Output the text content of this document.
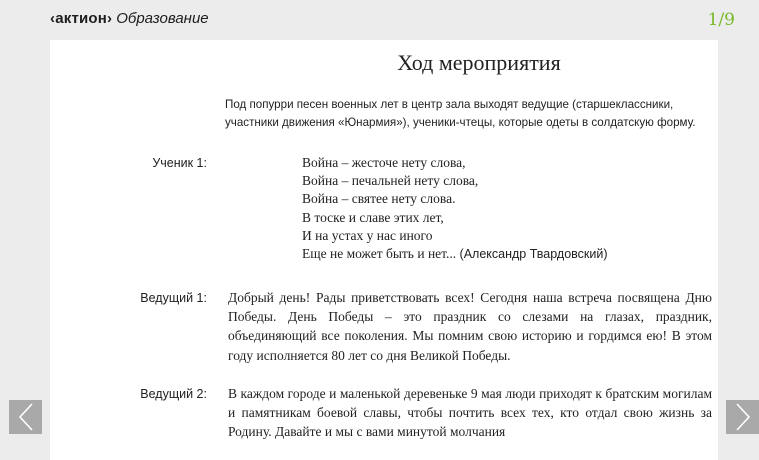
‹актион› Образование	1/9
Ход мероприятия
Под попурри песен военных лет в центр зала выходят ведущие (старшеклассники, участники движения «Юнармия»), ученики-чтецы, которые одеты в солдатскую форму.
Ученик 1:	Война – жесточе нету слова,
Война – печальней нету слова,
Война – святее нету слова.
В тоске и славе этих лет,
И на устах у нас иного
Еще не может быть и нет... (Александр Твардовский)
Ведущий 1: Добрый день! Рады приветствовать всех! Сегодня наша встреча посвящена Дню Победы. День Победы – это праздник со слезами на глазах, праздник, объединяющий все поколения. Мы помним свою историю и гордимся ею! В этом году исполняется 80 лет со дня Великой Победы.
Ведущий 2: В каждом городе и маленькой деревеньке 9 мая люди приходят к братским могилам и памятникам боевой славы, чтобы почтить всех тех, кто отдал свою жизнь за Родину. Давайте и мы с вами минутой молчания
